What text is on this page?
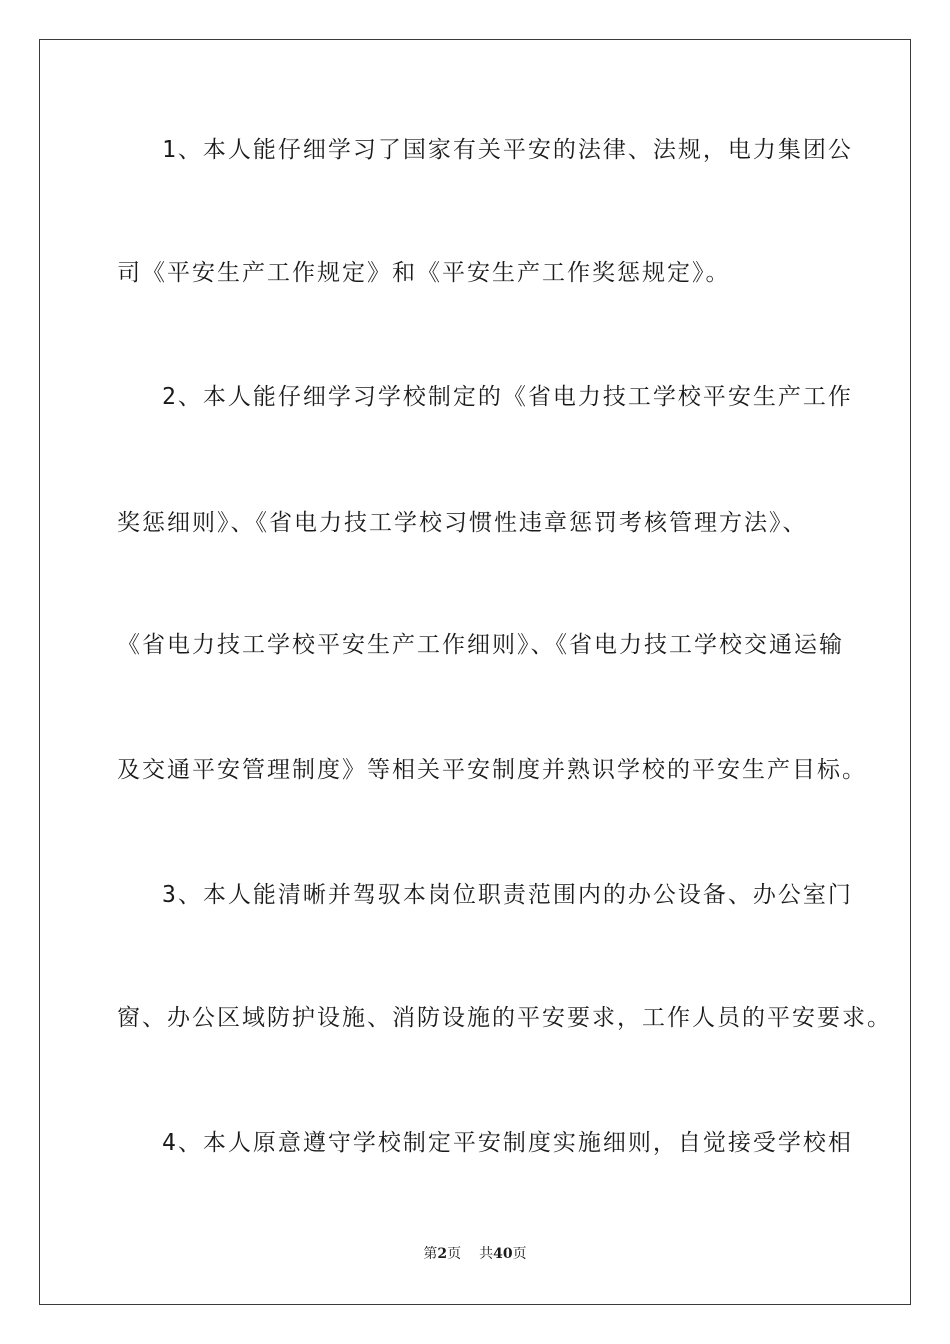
1、本人能仔细学习了国家有关平安的法律、法规，电力集团公
司《平安生产工作规定》和《平安生产工作奖惩规定》。
2、本人能仔细学习学校制定的《省电力技工学校平安生产工作
奖惩细则》、《省电力技工学校习惯性违章惩罚考核管理方法》、
《省电力技工学校平安生产工作细则》、《省电力技工学校交通运输
及交通平安管理制度》等相关平安制度并熟识学校的平安生产目标。
3、本人能清晰并驾驭本岗位职责范围内的办公设备、办公室门
窗、办公区域防护设施、消防设施的平安要求，工作人员的平安要求。
4、本人原意遵守学校制定平安制度实施细则，自觉接受学校相
第2页 共40页
